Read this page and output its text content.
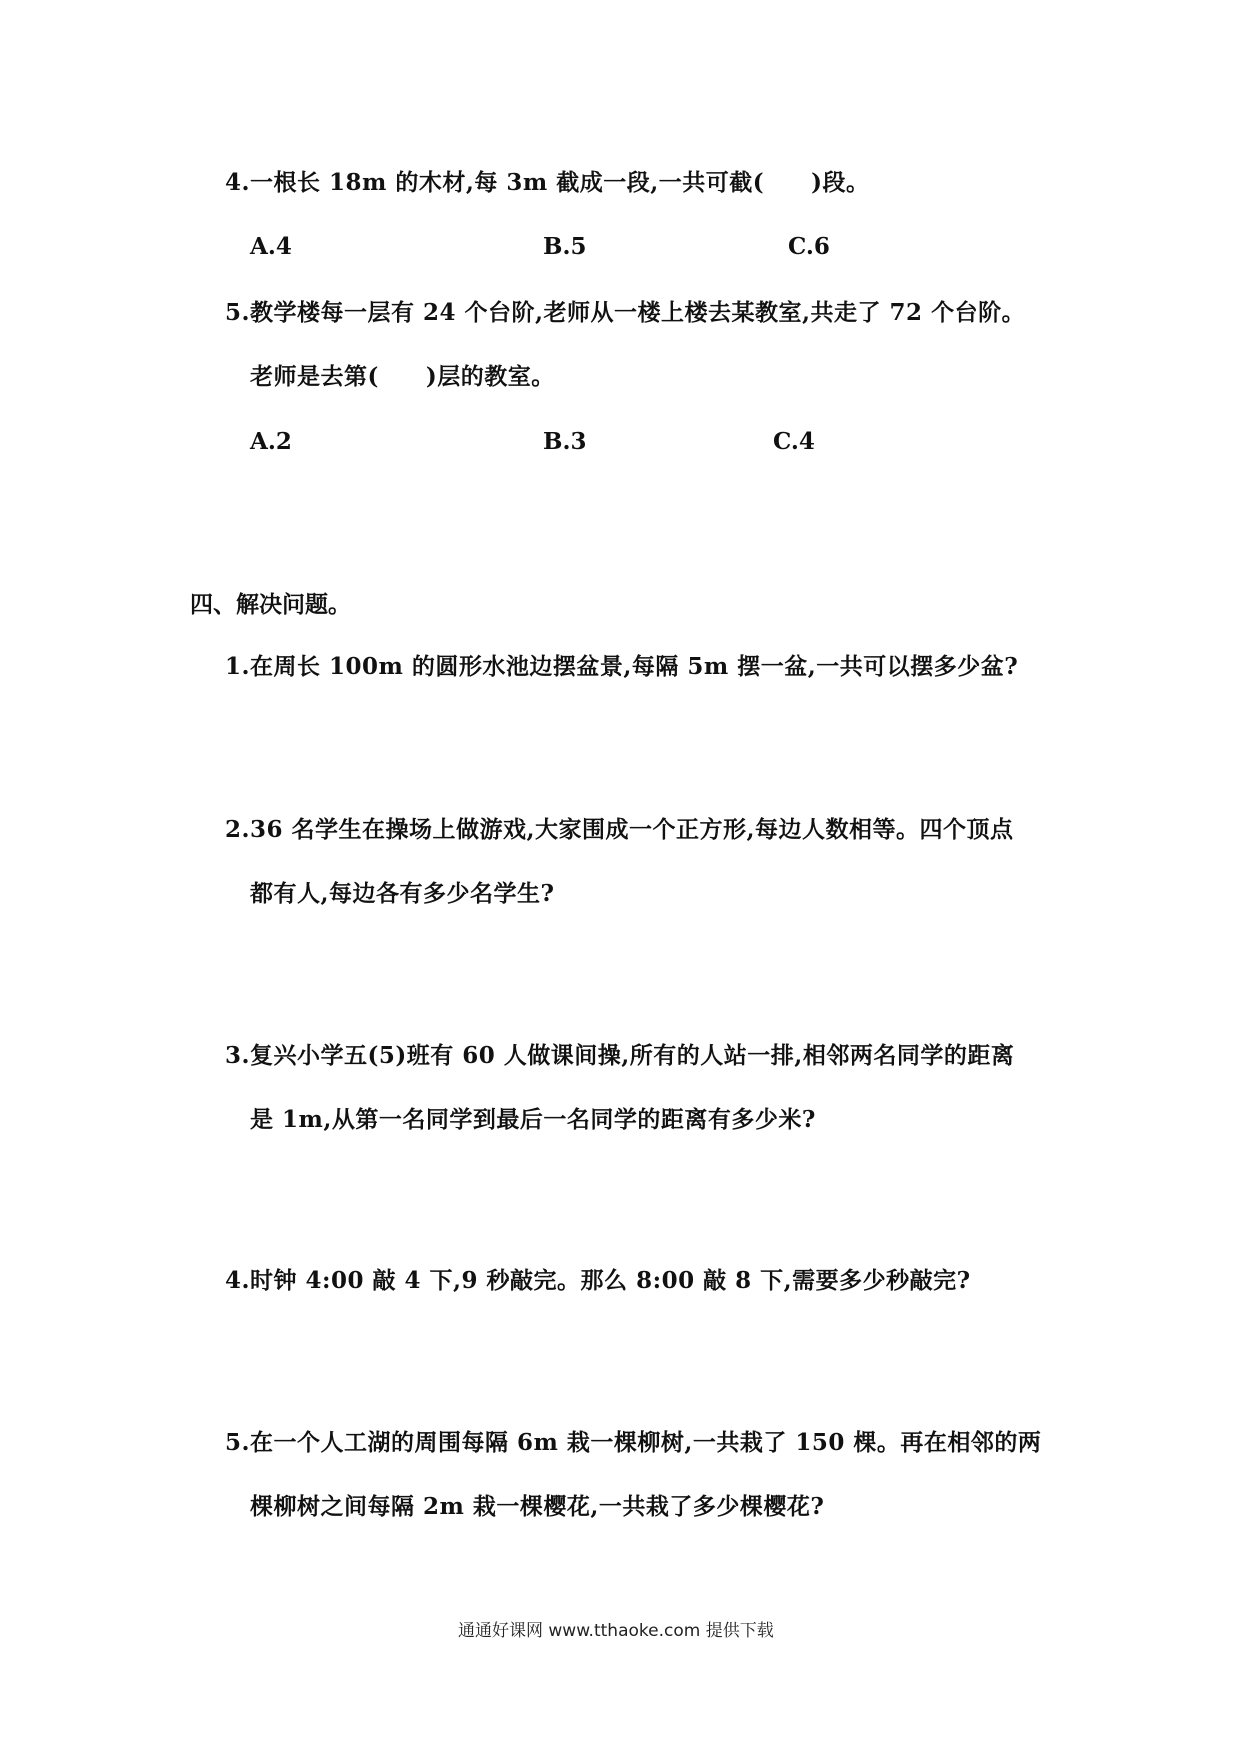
4.一根长 18m 的木材,每 3m 截成一段,一共可截(　　)段。
A.4	B.5	C.6
5.教学楼每一层有 24 个台阶,老师从一楼上楼去某教室,共走了 72 个台阶。
老师是去第(　　)层的教室。
A.2	B.3	C.4
四、解决问题。
1.在周长 100m 的圆形水池边摆盆景,每隔 5m 摆一盆,一共可以摆多少盆?
2.36 名学生在操场上做游戏,大家围成一个正方形,每边人数相等。四个顶点
都有人,每边各有多少名学生?
3.复兴小学五(5)班有 60 人做课间操,所有的人站一排,相邻两名同学的距离
是 1m,从第一名同学到最后一名同学的距离有多少米?
4.时钟 4:00 敲 4 下,9 秒敲完。那么 8:00 敲 8 下,需要多少秒敲完?
5.在一个人工湖的周围每隔 6m 栽一棵柳树,一共栽了 150 棵。再在相邻的两
棵柳树之间每隔 2m 栽一棵樱花,一共栽了多少棵樱花?
通通好课网 www.tthaoke.com 提供下载
